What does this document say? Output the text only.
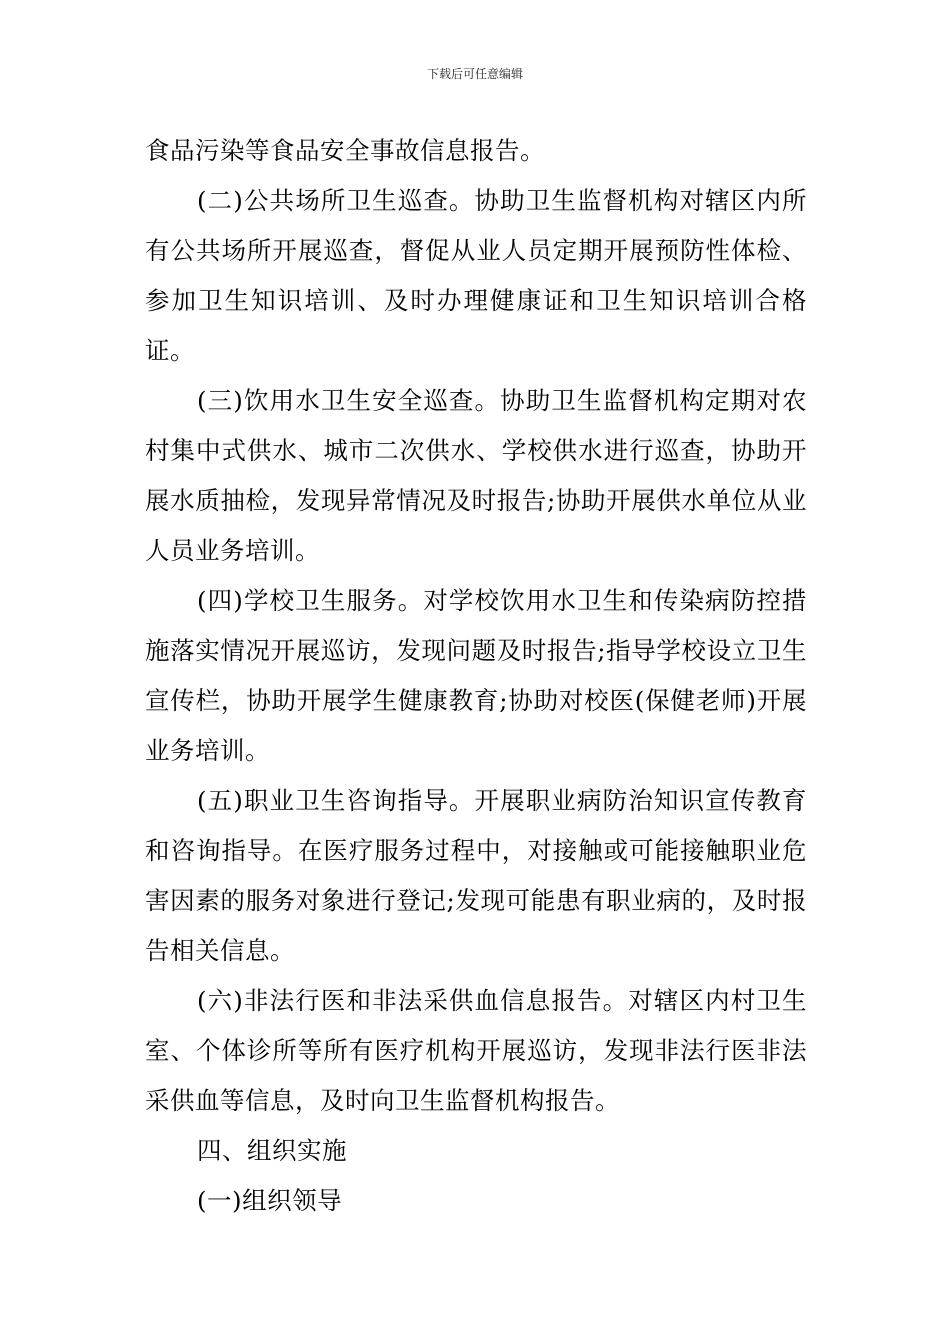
下载后可任意编辑

食品污染等食品安全事故信息报告。

(二)公共场所卫生巡查。协助卫生监督机构对辖区内所有公共场所开展巡查，督促从业人员定期开展预防性体检、参加卫生知识培训、及时办理健康证和卫生知识培训合格证。

(三)饮用水卫生安全巡查。协助卫生监督机构定期对农村集中式供水、城市二次供水、学校供水进行巡查，协助开展水质抽检，发现异常情况及时报告;协助开展供水单位从业人员业务培训。

(四)学校卫生服务。对学校饮用水卫生和传染病防控措施落实情况开展巡访，发现问题及时报告;指导学校设立卫生宣传栏，协助开展学生健康教育;协助对校医(保健老师)开展业务培训。

(五)职业卫生咨询指导。开展职业病防治知识宣传教育和咨询指导。在医疗服务过程中，对接触或可能接触职业危害因素的服务对象进行登记;发现可能患有职业病的，及时报告相关信息。

(六)非法行医和非法采供血信息报告。对辖区内村卫生室、个体诊所等所有医疗机构开展巡访，发现非法行医非法采供血等信息，及时向卫生监督机构报告。

四、组织实施

(一)组织领导
